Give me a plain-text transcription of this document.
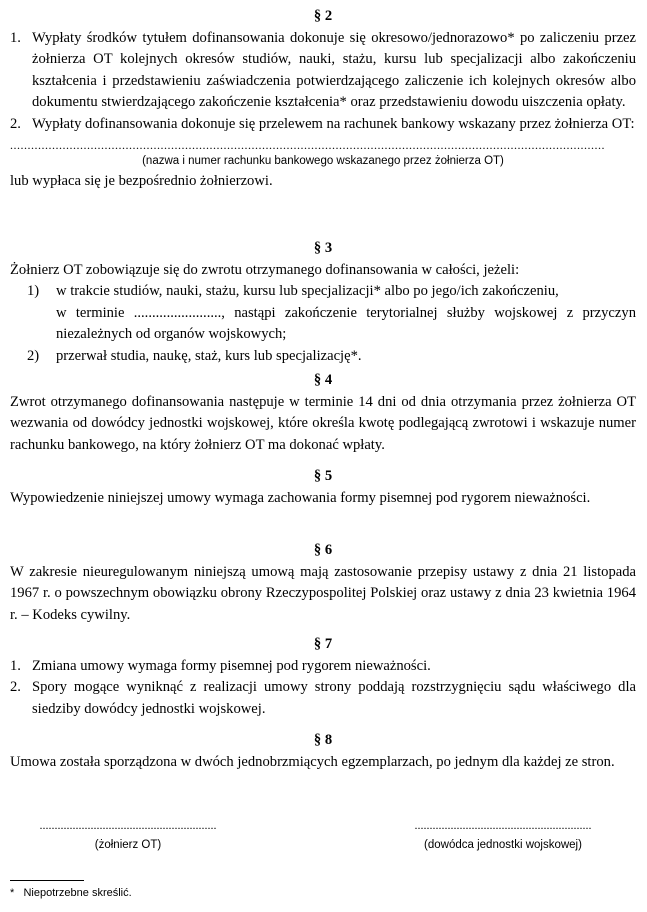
§ 2
1. Wypłaty środków tytułem dofinansowania dokonuje się okresowo/jednorazowo* po zaliczeniu przez żołnierza OT kolejnych okresów studiów, nauki, stażu, kursu lub specjalizacji albo zakończeniu kształcenia i przedstawieniu zaświadczenia potwierdzającego zaliczenie ich kolejnych okresów albo dokumentu stwierdzającego zakończenie kształcenia* oraz przedstawieniu dowodu uiszczenia opłaty.
2. Wypłaty dofinansowania dokonuje się przelewem na rachunek bankowy wskazany przez żołnierza OT:
..........................................................................................................................................................................
(nazwa i numer rachunku bankowego wskazanego przez żołnierza OT)
lub wypłaca się je bezpośrednio żołnierzowi.
§ 3
Żołnierz OT zobowiązuje się do zwrotu otrzymanego dofinansowania w całości, jeżeli:
1) w trakcie studiów, nauki, stażu, kursu lub specjalizacji* albo po jego/ich zakończeniu,
w terminie ........................, nastąpi zakończenie terytorialnej służby wojskowej z przyczyn niezależnych od organów wojskowych;
2) przerwał studia, naukę, staż, kurs lub specjalizację*.
§ 4
Zwrot otrzymanego dofinansowania następuje w terminie 14 dni od dnia otrzymania przez żołnierza OT wezwania od dowódcy jednostki wojskowej, które określa kwotę podlegającą zwrotowi i wskazuje numer rachunku bankowego, na który żołnierz OT ma dokonać wpłaty.
§ 5
Wypowiedzenie niniejszej umowy wymaga zachowania formy pisemnej pod rygorem nieważności.
§ 6
W zakresie nieuregulowanym niniejszą umową mają zastosowanie przepisy ustawy z dnia 21 listopada 1967 r. o powszechnym obowiązku obrony Rzeczypospolitej Polskiej oraz ustawy z dnia 23 kwietnia 1964 r. – Kodeks cywilny.
§ 7
1. Zmiana umowy wymaga formy pisemnej pod rygorem nieważności.
2. Spory mogące wyniknąć z realizacji umowy strony poddają rozstrzygnięciu sądu właściwego dla siedziby dowódcy jednostki wojskowej.
§ 8
Umowa została sporządzona w dwóch jednobrzmiących egzemplarzach, po jednym dla każdej ze stron.
...........................................................
(żołnierz OT)
...........................................................
(dowódca jednostki wojskowej)
* Niepotrzebne skreślić.
